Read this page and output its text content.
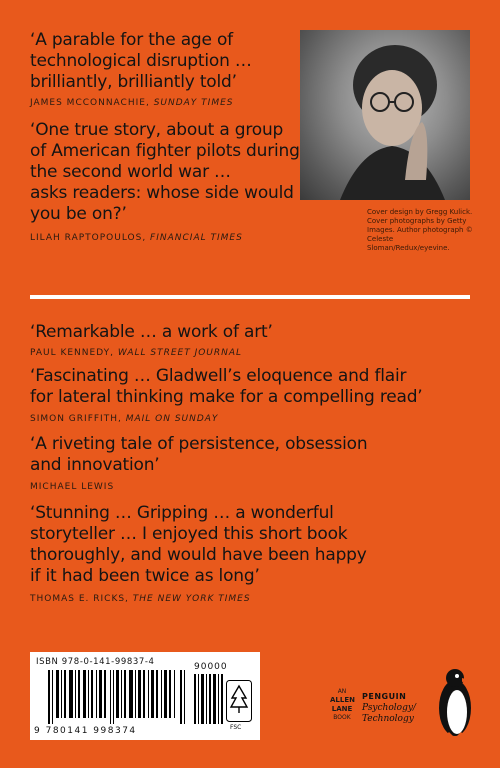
‘A parable for the age of
technological disruption …
brilliantly, brilliantly told’
JAMES MCCONNACHIE, SUNDAY TIMES
‘One true story, about a group
of American fighter pilots during
the second world war …
asks readers: whose side would
you be on?’
LILAH RAPTOPOULOS, FINANCIAL TIMES
Cover design by Gregg Kulick. Cover photographs by Getty Images. Author photograph © Celeste Sloman/Redux/eyevine.
‘Remarkable … a work of art’
PAUL KENNEDY, WALL STREET JOURNAL
‘Fascinating … Gladwell’s eloquence and flair
for lateral thinking make for a compelling read’
SIMON GRIFFITH, MAIL ON SUNDAY
‘A riveting tale of persistence, obsession
and innovation’
MICHAEL LEWIS
‘Stunning … Gripping … a wonderful
storyteller … I enjoyed this short book
thoroughly, and would have been happy
if it had been twice as long’
THOMAS E. RICKS, THE NEW YORK TIMES
ISBN 978-0-141-99837-4	90000
9 780141 998374	FSC
AN
ALLEN LANE
BOOK
PENGUIN
Psychology/
Technology
